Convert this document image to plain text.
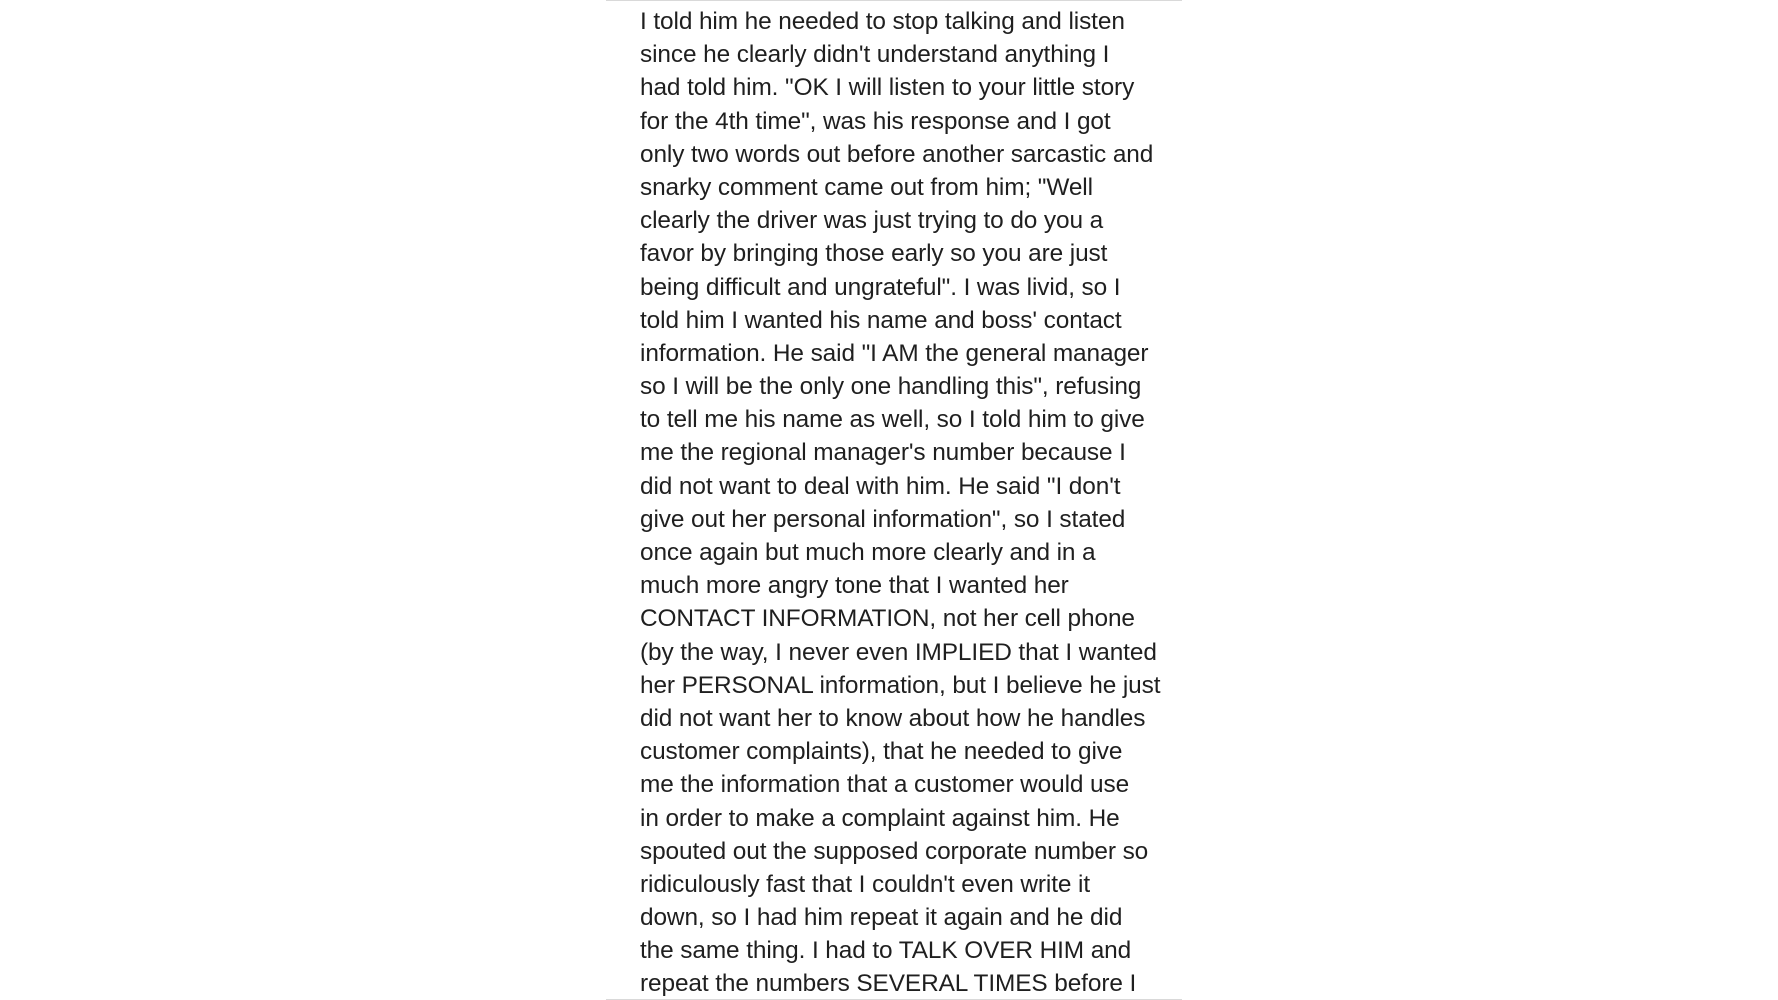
I told him he needed to stop talking and listen
since he clearly didn't understand anything I
had told him. "OK I will listen to your little story
for the 4th time", was his response and I got
only two words out before another sarcastic and
snarky comment came out from him; "Well
clearly the driver was just trying to do you a
favor by bringing those early so you are just
being difficult and ungrateful". I was livid, so I
told him I wanted his name and boss' contact
information. He said "I AM the general manager
so I will be the only one handling this", refusing
to tell me his name as well, so I told him to give
me the regional manager's number because I
did not want to deal with him. He said "I don't
give out her personal information", so I stated
once again but much more clearly and in a
much more angry tone that I wanted her
CONTACT INFORMATION, not her cell phone
(by the way, I never even IMPLIED that I wanted
her PERSONAL information, but I believe he just
did not want her to know about how he handles
customer complaints), that he needed to give
me the information that a customer would use
in order to make a complaint against him. He
spouted out the supposed corporate number so
ridiculously fast that I couldn't even write it
down, so I had him repeat it again and he did
the same thing. I had to TALK OVER HIM and
repeat the numbers SEVERAL TIMES before I
